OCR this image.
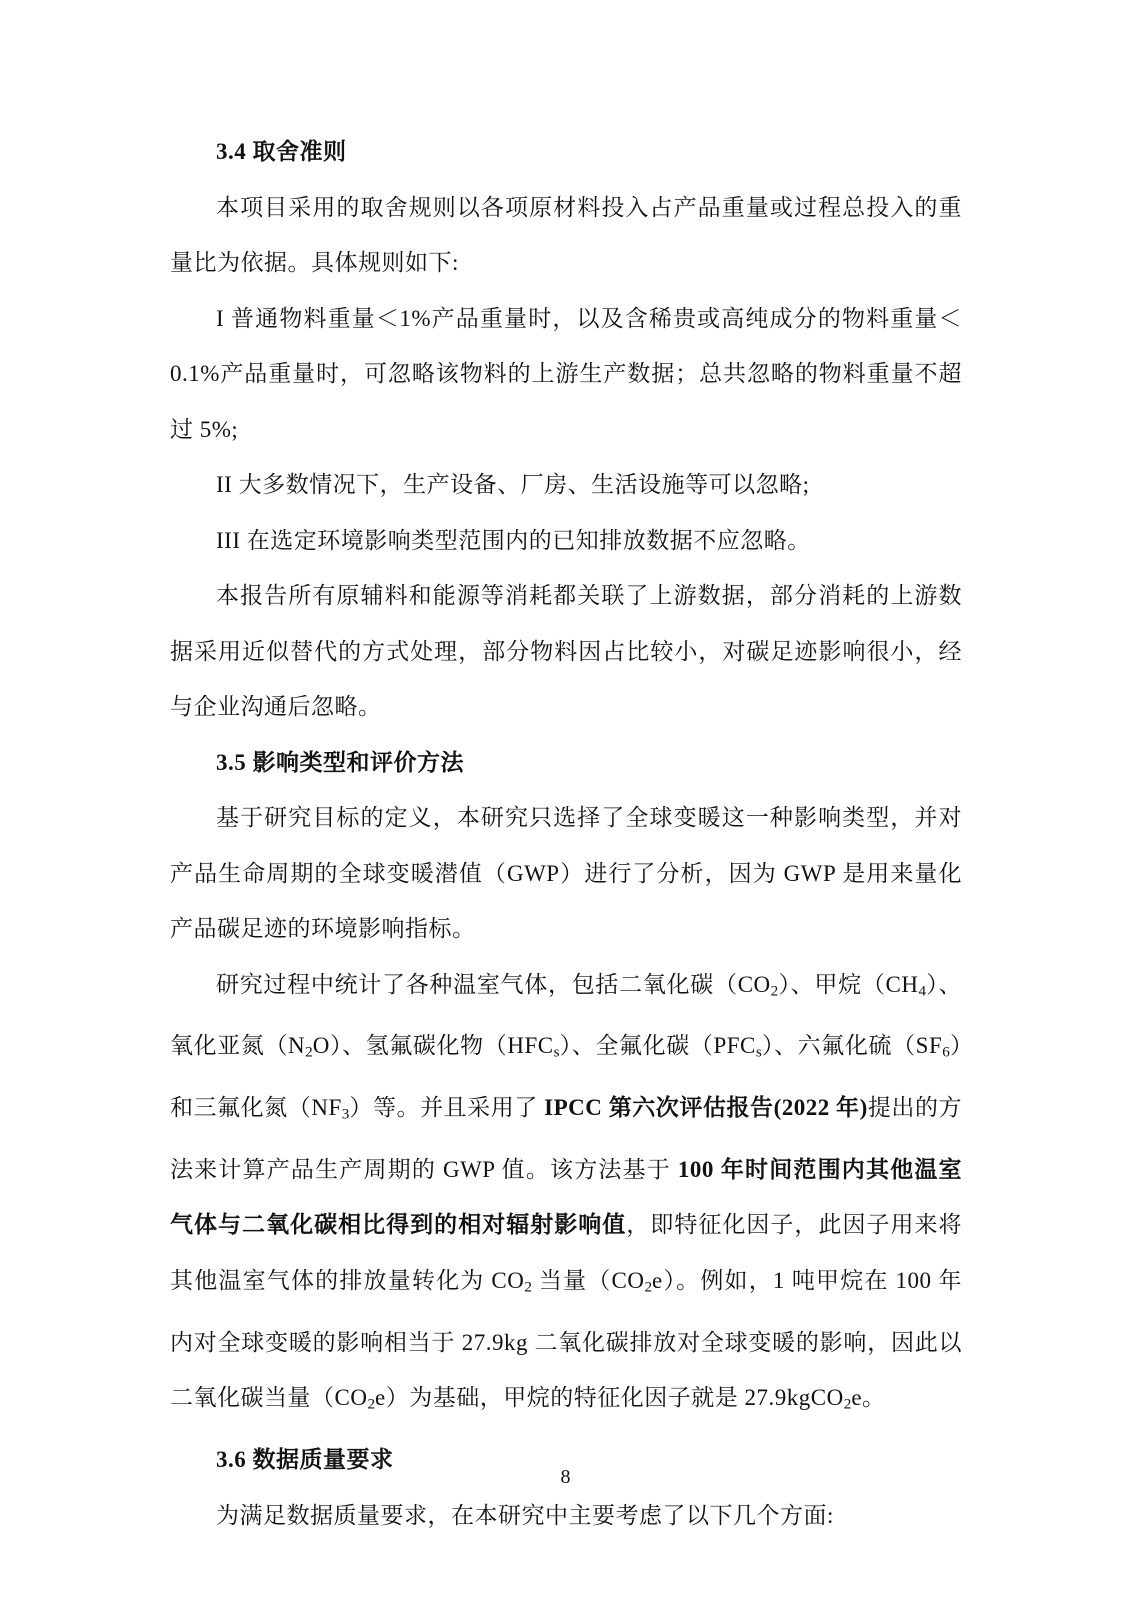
3.4 取舍准则

本项目采用的取舍规则以各项原材料投入占产品重量或过程总投入的重量比为依据。具体规则如下:

I 普通物料重量＜1%产品重量时，以及含稀贵或高纯成分的物料重量＜0.1%产品重量时，可忽略该物料的上游生产数据；总共忽略的物料重量不超过 5%;

II 大多数情况下，生产设备、厂房、生活设施等可以忽略;

III 在选定环境影响类型范围内的已知排放数据不应忽略。

本报告所有原辅料和能源等消耗都关联了上游数据，部分消耗的上游数据采用近似替代的方式处理，部分物料因占比较小，对碳足迹影响很小，经与企业沟通后忽略。

3.5 影响类型和评价方法

基于研究目标的定义，本研究只选择了全球变暖这一种影响类型，并对产品生命周期的全球变暖潜值（GWP）进行了分析，因为 GWP 是用来量化产品碳足迹的环境影响指标。

研究过程中统计了各种温室气体，包括二氧化碳$(CO_2)$、甲烷$(CH_4)$、氧化亚氮$(N_2O)$、氢氟碳化物$(HFC_s)$、全氟化碳$(PFC_s)$、六氟化硫$(SF_6)$和三氟化氮$(NF_3)$等。并且采用了 IPCC 第六次评估报告(2022 年)提出的方法来计算产品生产周期的 GWP 值。该方法基于 100 年时间范围内其他温室气体与二氧化碳相比得到的相对辐射影响值，即特征化因子，此因子用来将其他温室气体的排放量转化为 $CO_2$ 当量$(CO_2e)$。例如，1 吨甲烷在 100 年内对全球变暖的影响相当于 27.9kg 二氧化碳排放对全球变暖的影响，因此以二氧化碳当量$(CO_2e)$为基础，甲烷的特征化因子就是 27.9kgCO$_2$e。

3.6 数据质量要求

为满足数据质量要求，在本研究中主要考虑了以下几个方面:

8
